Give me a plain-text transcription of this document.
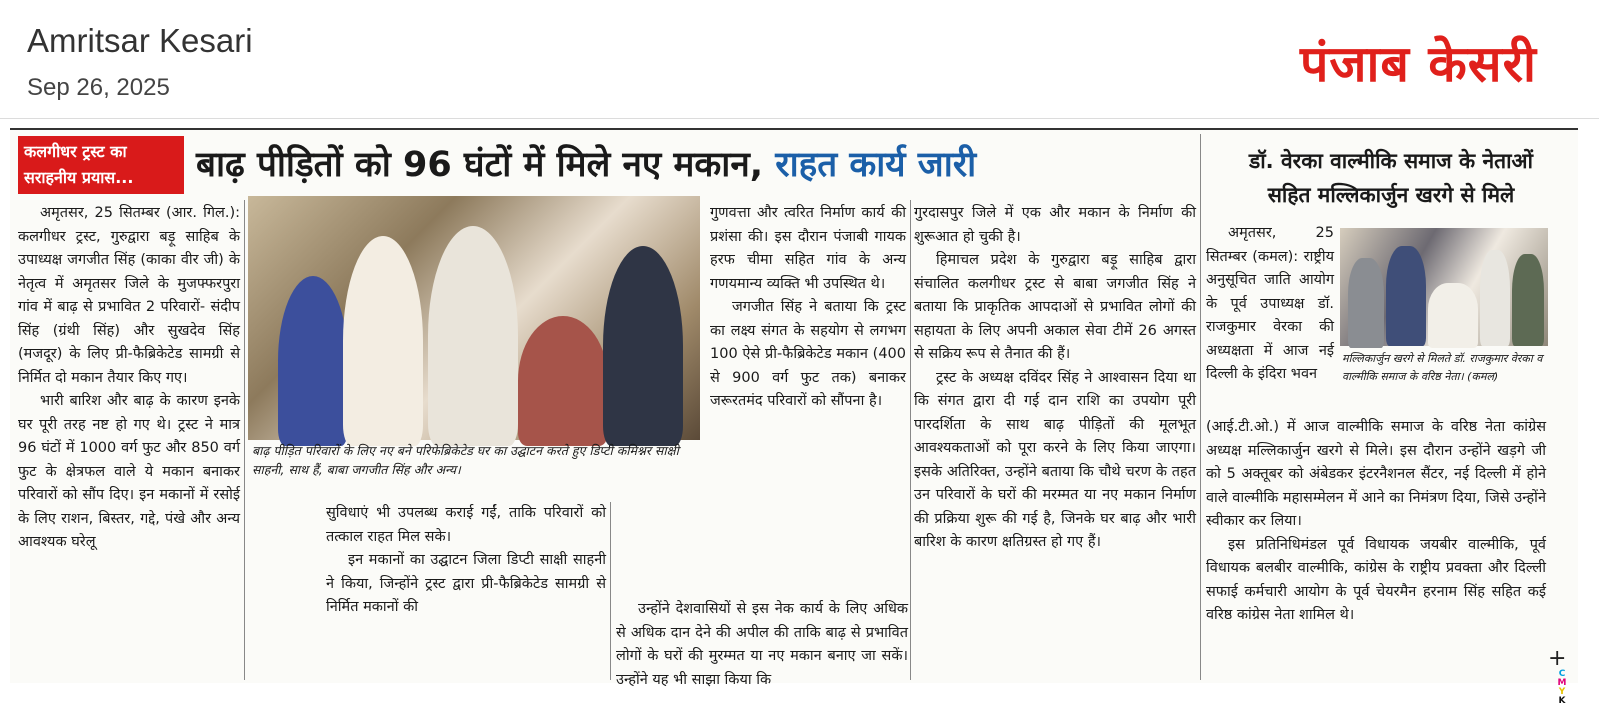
Amritsar Kesari
Sep 26, 2025	पंजाब केसरी
कलगीधर ट्रस्ट का
सराहनीय प्रयास...	बाढ़ पीड़ितों को 96 घंटों में मिले नए मकान, राहत कार्य जारी

अमृतसर, 25 सितम्बर (आर. गिल.): कलगीधर ट्रस्ट, गुरुद्वारा बड़ू साहिब के उपाध्यक्ष जगजीत सिंह (काका वीर जी) के नेतृत्व में अमृतसर जिले के मुजफ्फरपुरा गांव में बाढ़ से प्रभावित 2 परिवारों- संदीप सिंह (ग्रंथी सिंह) और सुखदेव सिंह (मजदूर) के लिए प्री-फैब्रिकेटेड सामग्री से निर्मित दो मकान तैयार किए गए।

भारी बारिश और बाढ़ के कारण इनके घर पूरी तरह नष्ट हो गए थे। ट्रस्ट ने मात्र 96 घंटों में 1000 वर्ग फुट और 850 वर्ग फुट के क्षेत्रफल वाले ये मकान बनाकर परिवारों को सौंप दिए। इन मकानों में रसोई के लिए राशन, बिस्तर, गद्दे, पंखे और अन्य आवश्यक घरेलू

बाढ़ पीड़ित परिवारों के लिए नए बने परिफेब्रिकेटेड घर का उद्घाटन करते हुए डिप्टी कमिश्नर साक्षी साहनी, साथ हैं, बाबा जगजीत सिंह और अन्य।

सुविधाएं भी उपलब्ध कराई गईं, ताकि परिवारों को तत्काल राहत मिल सके।

इन मकानों का उद्घाटन जिला डिप्टी साक्षी साहनी ने किया, जिन्होंने ट्रस्ट द्वारा प्री-फैब्रिकेटेड सामग्री से निर्मित मकानों की

गुणवत्ता और त्वरित निर्माण कार्य की प्रशंसा की। इस दौरान पंजाबी गायक हरफ चीमा सहित गांव के अन्य गणयमान्य व्यक्ति भी उपस्थित थे।

जगजीत सिंह ने बताया कि ट्रस्ट का लक्ष्य संगत के सहयोग से लगभग 100 ऐसे प्री-फैब्रिकेटेड मकान (400 से 900 वर्ग फुट तक) बनाकर जरूरतमंद परिवारों को सौंपना है।

उन्होंने देशवासियों से इस नेक कार्य के लिए अधिक से अधिक दान देने की अपील की ताकि बाढ़ से प्रभावित लोगों के घरों की मुरम्मत या नए मकान बनाए जा सकें। उन्होंने यह भी साझा किया कि

गुरदासपुर जिले में एक और मकान के निर्माण की शुरूआत हो चुकी है।

हिमाचल प्रदेश के गुरुद्वारा बड़ू साहिब द्वारा संचालित कलगीधर ट्रस्ट से बाबा जगजीत सिंह ने बताया कि प्राकृतिक आपदाओं से प्रभावित लोगों की सहायता के लिए अपनी अकाल सेवा टीमें 26 अगस्त से सक्रिय रूप से तैनात की हैं।

ट्रस्ट के अध्यक्ष दविंदर सिंह ने आश्वासन दिया था कि संगत द्वारा दी गई दान राशि का उपयोग पूरी पारदर्शिता के साथ बाढ़ पीड़ितों की मूलभूत आवश्यकताओं को पूरा करने के लिए किया जाएगा। इसके अतिरिक्त, उन्होंने बताया कि चौथे चरण के तहत उन परिवारों के घरों की मरम्मत या नए मकान निर्माण की प्रक्रिया शुरू की गई है, जिनके घर बाढ़ और भारी बारिश के कारण क्षतिग्रस्त हो गए हैं।

डॉ. वेरका वाल्मीकि समाज के नेताओं
सहित मल्लिकार्जुन खरगे से मिले

अमृतसर, 25 सितम्बर (कमल): राष्ट्रीय अनुसूचित जाति आयोग के पूर्व उपाध्यक्ष डॉ. राजकुमार वेरका की अध्यक्षता में आज नई दिल्ली के इंदिरा भवन

मल्लिकार्जुन खरगे से मिलते डॉ. राजकुमार वेरका व वाल्मीकि समाज के वरिष्ठ नेता। (कमल)

(आई.टी.ओ.) में आज वाल्मीकि समाज के वरिष्ठ नेता कांग्रेस अध्यक्ष मल्लिकार्जुन खरगे से मिले। इस दौरान उन्होंने खड़गे जी को 5 अक्तूबर को अंबेडकर इंटरनैशनल सैंटर, नई दिल्ली में होने वाले वाल्मीकि महासम्मेलन में आने का निमंत्रण दिया, जिसे उन्होंने स्वीकार कर लिया।

इस प्रतिनिधिमंडल पूर्व विधायक जयबीर वाल्मीकि, पूर्व विधायक बलबीर वाल्मीकि, कांग्रेस के राष्ट्रीय प्रवक्ता और दिल्ली सफाई कर्मचारी आयोग के पूर्व चेयरमैन हरनाम सिंह सहित कई वरिष्ठ कांग्रेस नेता शामिल थे।

+
C
M
Y
K
